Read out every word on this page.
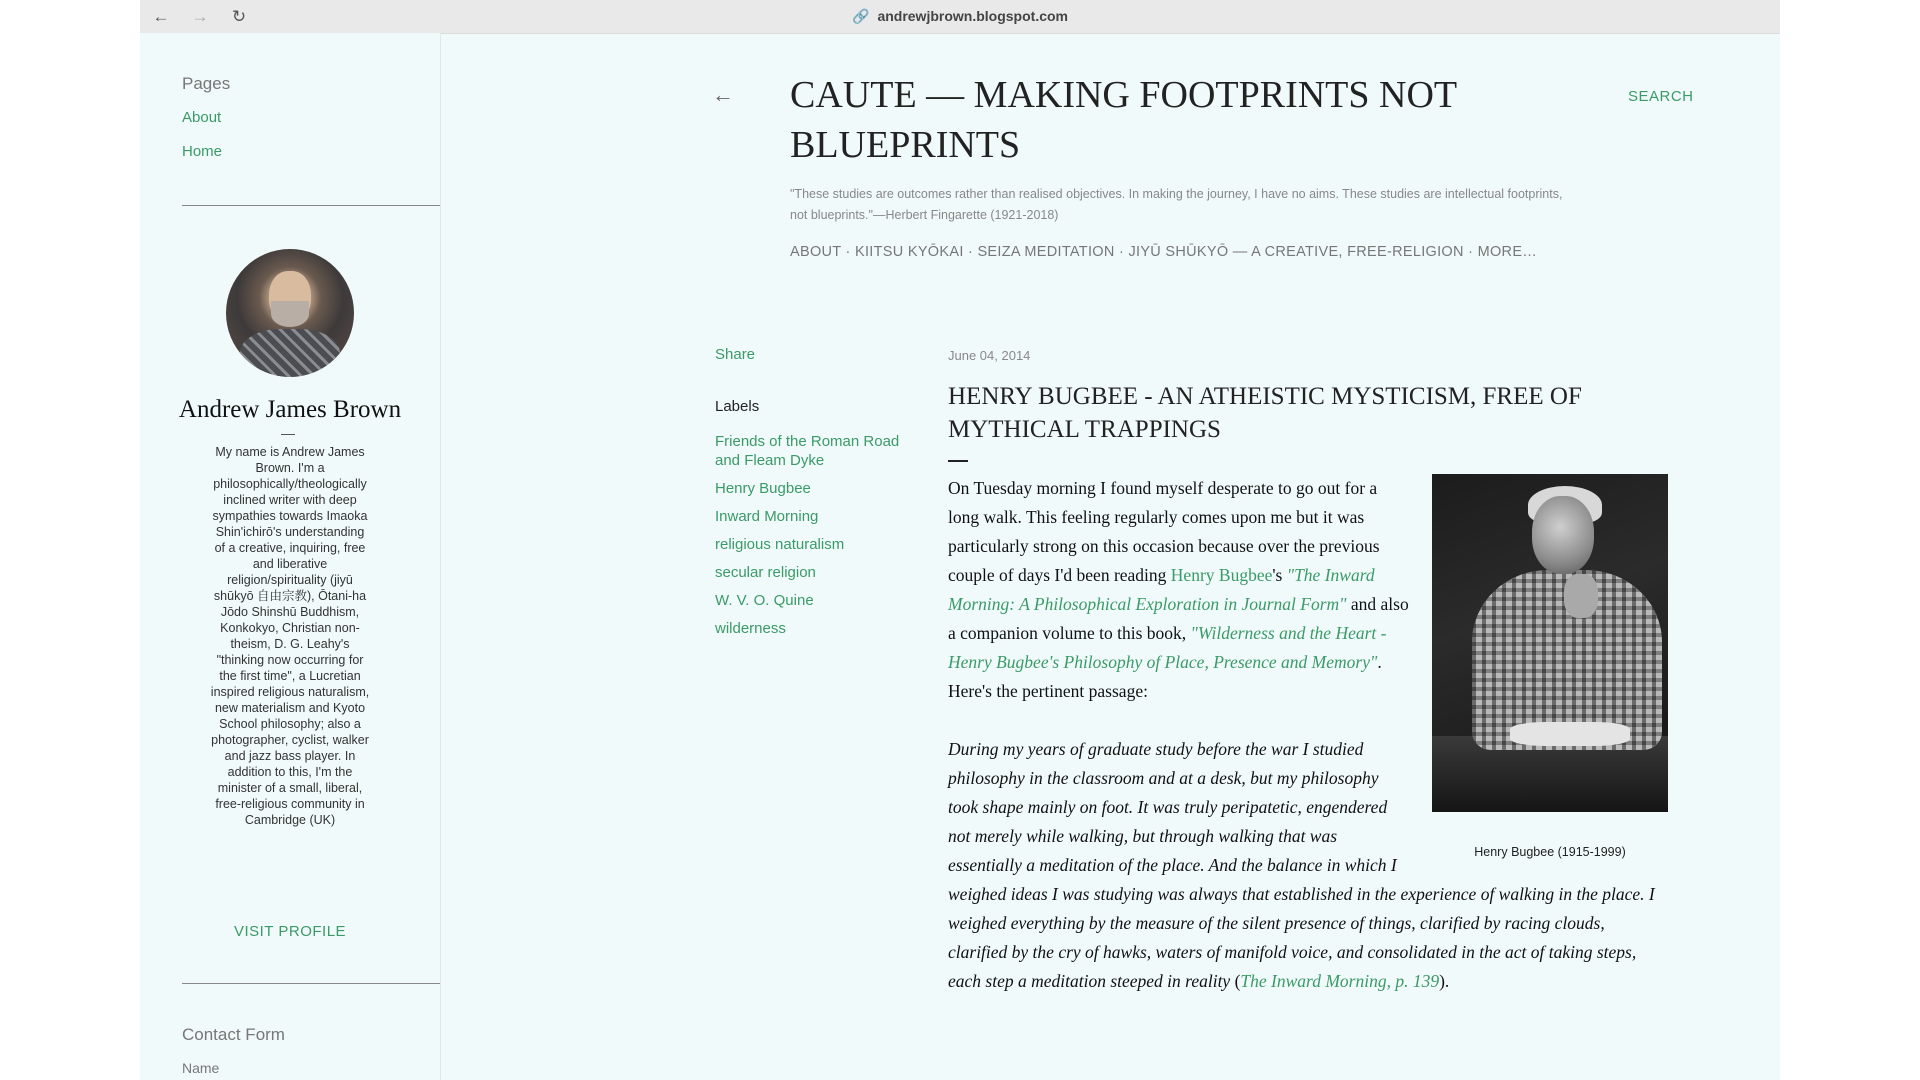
← → ↻	🔗 andrewjbrown.blogspot.com
Pages
About
Home
Andrew James Brown
My name is Andrew James Brown. I'm a philosophically/theologically inclined writer with deep sympathies towards Imaoka Shin'ichirō's understanding of a creative, inquiring, free and liberative religion/spirituality (jiyū shūkyō 自由宗教), Ōtani-ha Jōdo Shinshū Buddhism, Konkokyo, Christian non-theism, D. G. Leahy's "thinking now occurring for the first time", a Lucretian inspired religious naturalism, new materialism and Kyoto School philosophy; also a photographer, cyclist, walker and jazz bass player. In addition to this, I'm the minister of a small, liberal, free-religious community in Cambridge (UK)
VISIT PROFILE
Contact Form
Name
← CAUTE — MAKING FOOTPRINTS NOT BLUEPRINTS
SEARCH
"These studies are outcomes rather than realised objectives. In making the journey, I have no aims. These studies are intellectual footprints, not blueprints."—Herbert Fingarette (1921-2018)
ABOUT · KIITSU KYŌKAI · SEIZA MEDITATION · JIYŪ SHŪKYŌ — A CREATIVE, FREE-RELIGION · MORE…
Share
Labels
Friends of the Roman Road and Fleam Dyke
Henry Bugbee
Inward Morning
religious naturalism
secular religion
W. V. O. Quine
wilderness
June 04, 2014
HENRY BUGBEE - AN ATHEISTIC MYSTICISM, FREE OF MYTHICAL TRAPPINGS
Henry Bugbee (1915-1999)

On Tuesday morning I found myself desperate to go out for a long walk. This feeling regularly comes upon me but it was particularly strong on this occasion because over the previous couple of days I'd been reading Henry Bugbee's "The Inward Morning: A Philosophical Exploration in Journal Form" and also a companion volume to this book, "Wilderness and the Heart - Henry Bugbee's Philosophy of Place, Presence and Memory". Here's the pertinent passage:

During my years of graduate study before the war I studied philosophy in the classroom and at a desk, but my philosophy took shape mainly on foot. It was truly peripatetic, engendered not merely while walking, but through walking that was essentially a meditation of the place. And the balance in which I weighed ideas I was studying was always that established in the experience of walking in the place. I weighed everything by the measure of the silent presence of things, clarified by racing clouds, clarified by the cry of hawks, waters of manifold voice, and consolidated in the act of taking steps, each step a meditation steeped in reality (The Inward Morning, p. 139).
